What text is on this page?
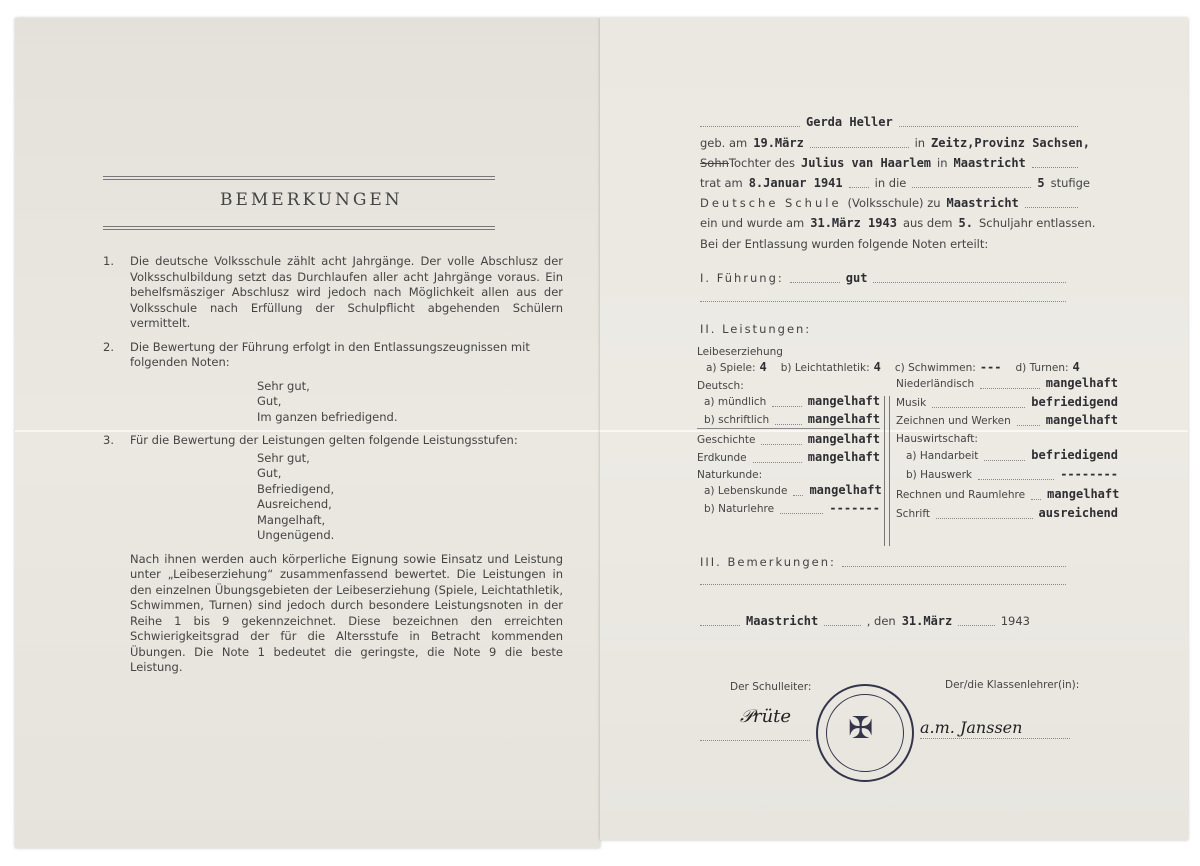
BEMERKUNGEN
1.	Die deutsche Volksschule zählt acht Jahrgänge. Der volle Abschlusz der Volksschulbildung setzt das Durchlaufen aller acht Jahrgänge voraus. Ein behelfsmäsziger Abschlusz wird jedoch nach Möglichkeit allen aus der Volksschule nach Erfüllung der Schulpflicht abgehenden Schülern vermittelt.
2.	Die Bewertung der Führung erfolgt in den Entlassungszeugnissen mit folgenden Noten:
Sehr gut,
Gut,
Im ganzen befriedigend.
3.	Für die Bewertung der Leistungen gelten folgende Leistungsstufen:
Sehr gut,
Gut,
Befriedigend,
Ausreichend,
Mangelhaft,
Ungenügend.
Nach ihnen werden auch körperliche Eignung sowie Einsatz und Leistung unter „Leibeserziehung“ zusammenfassend bewertet. Die Leistungen in den einzelnen Übungsgebieten der Leibeserziehung (Spiele, Leichtathletik, Schwimmen, Turnen) sind jedoch durch besondere Leistungsnoten in der Reihe 1 bis 9 gekennzeichnet. Diese bezeichnen den erreichten Schwierigkeitsgrad der für die Altersstufe in Betracht kommenden Übungen. Die Note 1 bedeutet die geringste, die Note 9 die beste Leistung.
Gerda Heller
geb. am 19.März	in Zeitz,Provinz Sachsen,
SohnTochter des Julius van Haarlem in Maastricht
trat am 8.Januar 1941	in die	5 stufige
Deutsche Schule (Volksschule) zu Maastricht
ein und wurde am 31.März 1943 aus dem 5. Schuljahr entlassen.
Bei der Entlassung wurden folgende Noten erteilt:
I. Führung:	gut
II. Leistungen:
Leibeserziehung
a) Spiele: 4 b) Leichtathletik: 4 c) Schwimmen: --- d) Turnen: 4
Deutsch:
a) mündlich	mangelhaft
b) schriftlich	mangelhaft
Geschichte	mangelhaft
Erdkunde	mangelhaft
Naturkunde:
a) Lebenskunde mangelhaft
b) Naturlehre	-------
Niederländisch	mangelhaft
Musik	befriedigend
Zeichnen und Werken	mangelhaft
Hauswirtschaft:
a) Handarbeit	befriedigend
b) Hauswerk	--------
Rechnen und Raumlehre mangelhaft
Schrift	ausreichend
III. Bemerkungen:
Maastricht	, den 31.März	1943
Der Schulleiter:	Der/die Klassenlehrer(in):
𝒫rüte
a.m. Janssen
✠
